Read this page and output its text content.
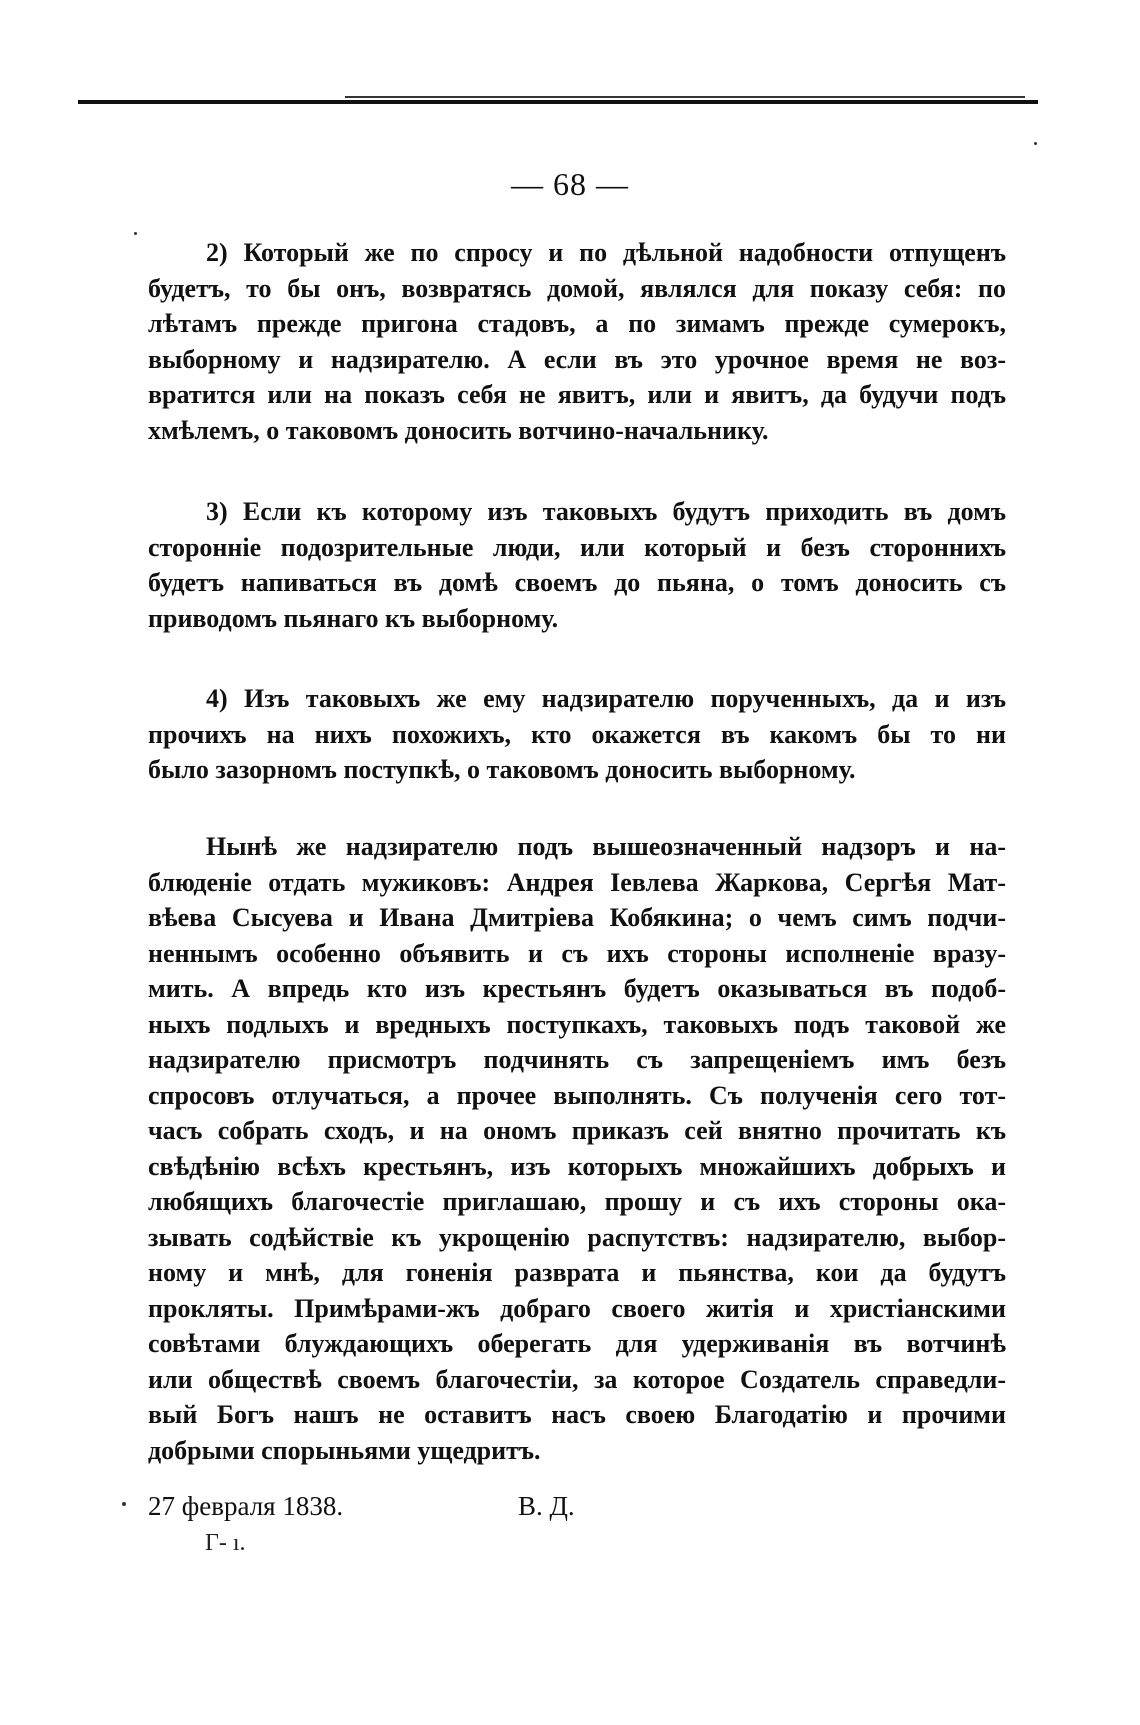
— 68 —
2) Который же по спросу и по дѣльной надобности отпущенъ
будетъ, то бы онъ, возвратясь домой, являлся для показу себя: по
лѣтамъ прежде пригона стадовъ, а по зимамъ прежде сумерокъ,
выборному и надзирателю. А если въ это урочное время не воз-
вратится или на показъ себя не явитъ, или и явитъ, да будучи подъ
хмѣлемъ, о таковомъ доносить вотчино-начальнику.
3) Если къ которому изъ таковыхъ будутъ приходить въ домъ
сторонніе подозрительные люди, или который и безъ стороннихъ
будетъ напиваться въ домѣ своемъ до пьяна, о томъ доносить съ
приводомъ пьянаго къ выборному.
4) Изъ таковыхъ же ему надзирателю порученныхъ, да и изъ
прочихъ на нихъ похожихъ, кто окажется въ какомъ бы то ни
было зазорномъ поступкѣ, о таковомъ доносить выборному.
Нынѣ же надзирателю подъ вышеозначенный надзоръ и на-
блюденіе отдать мужиковъ: Андрея Іевлева Жаркова, Сергѣя Мат-
вѣева Сысуева и Ивана Дмитріева Кобякина; о чемъ симъ подчи-
неннымъ особенно объявить и съ ихъ стороны исполненіе вразу-
мить. А впредь кто изъ крестьянъ будетъ оказываться въ подоб-
ныхъ подлыхъ и вредныхъ поступкахъ, таковыхъ подъ таковой же
надзирателю присмотръ подчинять съ запрещеніемъ имъ безъ
спросовъ отлучаться, а прочее выполнять. Съ полученія сего тот-
часъ собрать сходъ, и на ономъ приказъ сей внятно прочитать къ
свѣдѣнію всѣхъ крестьянъ, изъ которыхъ множайшихъ добрыхъ и
любящихъ благочестіе приглашаю, прошу и съ ихъ стороны ока-
зывать содѣйствіе къ укрощенію распутствъ: надзирателю, выбор-
ному и мнѣ, для гоненія разврата и пьянства, кои да будутъ
прокляты. Примѣрами-жъ добраго своего житія и христіанскими
совѣтами блуждающихъ оберегать для удерживанія въ вотчинѣ
или обществѣ своемъ благочестіи, за которое Создатель справедли-
вый Богъ нашъ не оставитъ насъ своею Благодатію и прочими
добрыми спорыньями ущедритъ.
27 февраля 1838.	В. Д.
Г- ı.
